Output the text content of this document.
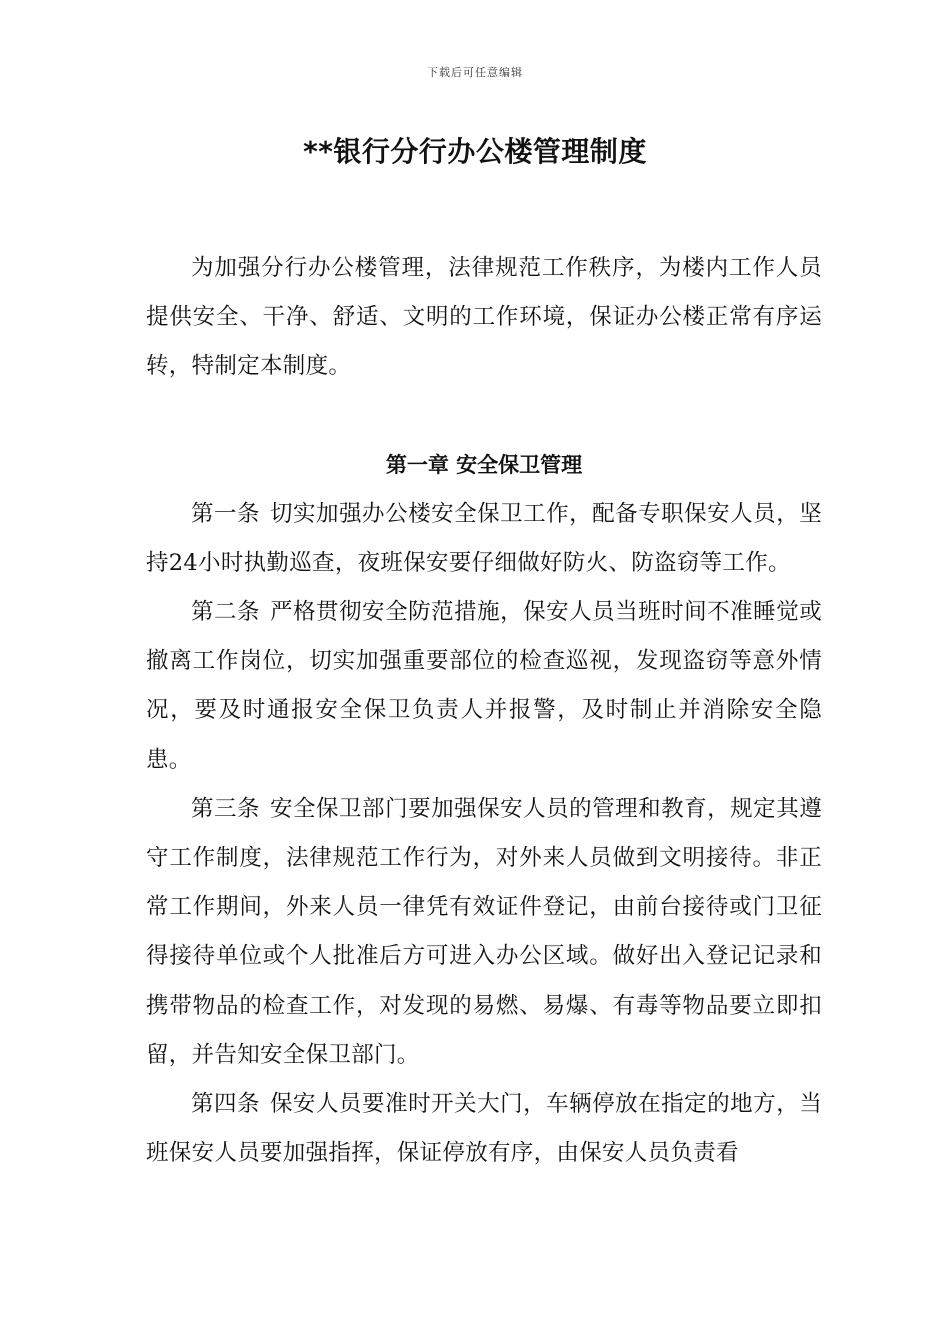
下载后可任意编辑
**银行分行办公楼管理制度

为加强分行办公楼管理，法律规范工作秩序，为楼内工作人员提供安全、干净、舒适、文明的工作环境，保证办公楼正常有序运转，特制定本制度。

第一章 安全保卫管理

第一条 切实加强办公楼安全保卫工作，配备专职保安人员，坚持24小时执勤巡查，夜班保安要仔细做好防火、防盗窃等工作。

第二条 严格贯彻安全防范措施，保安人员当班时间不准睡觉或撤离工作岗位，切实加强重要部位的检查巡视，发现盗窃等意外情况，要及时通报安全保卫负责人并报警，及时制止并消除安全隐患。

第三条 安全保卫部门要加强保安人员的管理和教育，规定其遵守工作制度，法律规范工作行为，对外来人员做到文明接待。非正常工作期间，外来人员一律凭有效证件登记，由前台接待或门卫征得接待单位或个人批准后方可进入办公区域。做好出入登记记录和携带物品的检查工作，对发现的易燃、易爆、有毒等物品要立即扣留，并告知安全保卫部门。

第四条 保安人员要准时开关大门，车辆停放在指定的地方，当班保安人员要加强指挥，保证停放有序，由保安人员负责看
